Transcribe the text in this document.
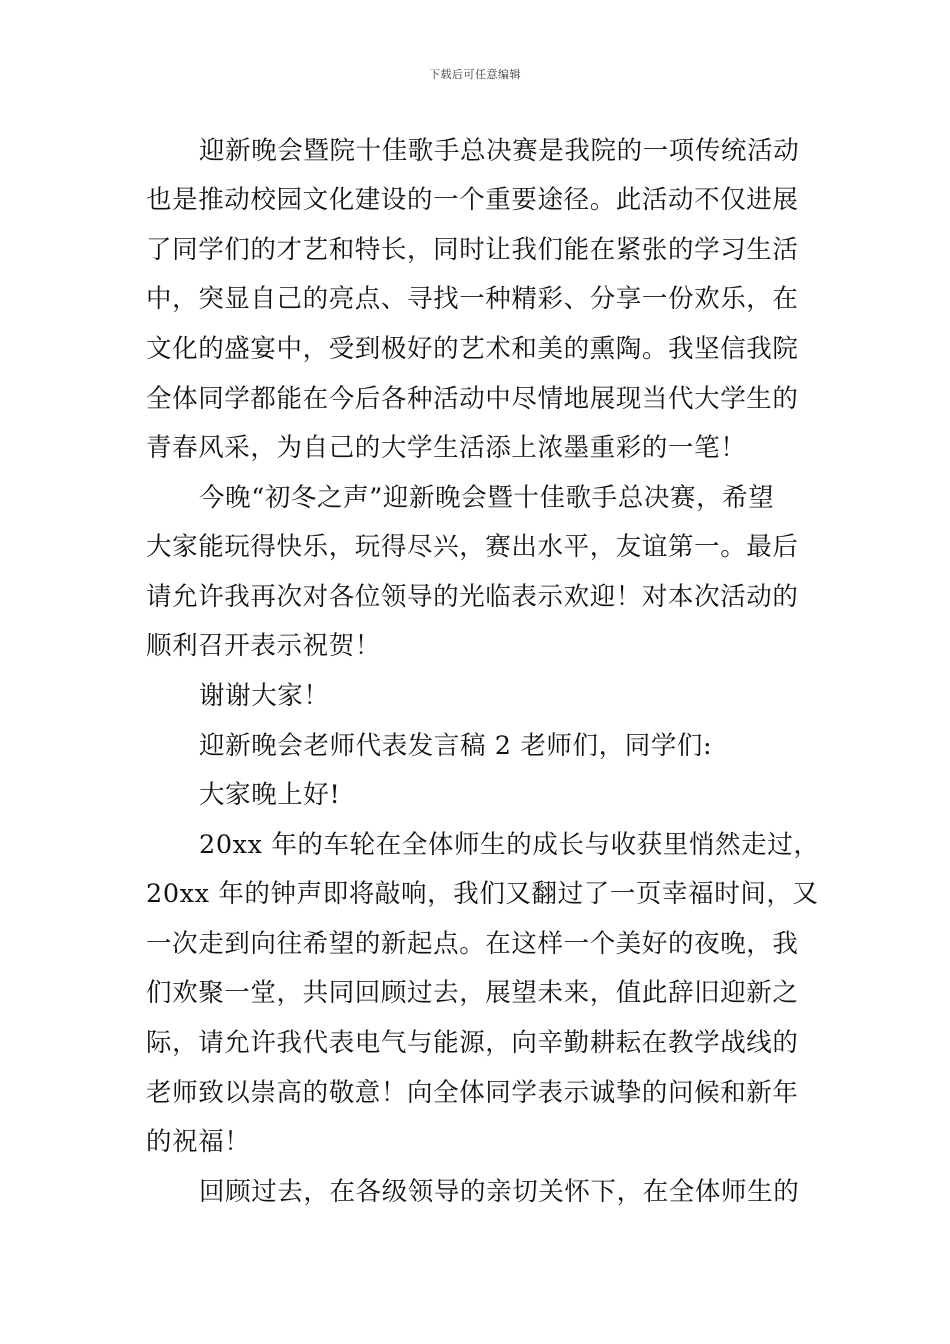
下载后可任意编辑
迎新晚会暨院十佳歌手总决赛是我院的一项传统活动
也是推动校园文化建设的一个重要途径。此活动不仅进展
了同学们的才艺和特长，同时让我们能在紧张的学习生活
中，突显自己的亮点、寻找一种精彩、分享一份欢乐，在
文化的盛宴中，受到极好的艺术和美的熏陶。我坚信我院
全体同学都能在今后各种活动中尽情地展现当代大学生的
青春风采，为自己的大学生活添上浓墨重彩的一笔！
今晚“初冬之声”迎新晚会暨十佳歌手总决赛，希望
大家能玩得快乐，玩得尽兴，赛出水平，友谊第一。最后
请允许我再次对各位领导的光临表示欢迎！对本次活动的
顺利召开表示祝贺！
谢谢大家！
迎新晚会老师代表发言稿 2 老师们，同学们:
大家晚上好!
20xx 年的车轮在全体师生的成长与收获里悄然走过，
20xx 年的钟声即将敲响，我们又翻过了一页幸福时间，又
一次走到向往希望的新起点。在这样一个美好的夜晚，我
们欢聚一堂，共同回顾过去，展望未来，值此辞旧迎新之
际，请允许我代表电气与能源，向辛勤耕耘在教学战线的
老师致以崇高的敬意！向全体同学表示诚挚的问候和新年
的祝福！
回顾过去，在各级领导的亲切关怀下，在全体师生的
